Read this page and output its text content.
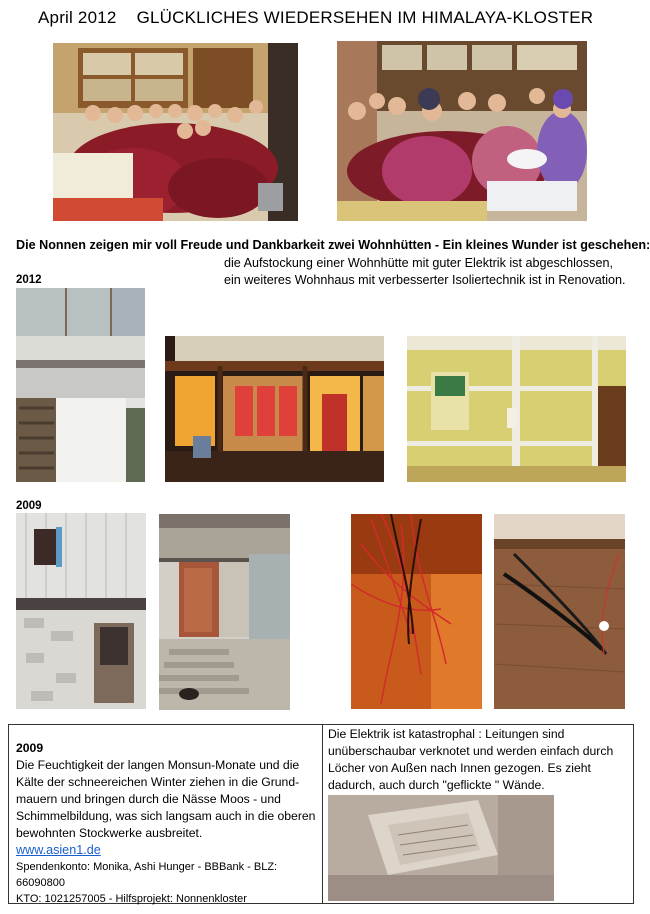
April 2012 GLÜCKLICHES WIEDERSEHEN IM HIMALAYA-KLOSTER
Die Nonnen zeigen mir voll Freude und Dankbarkeit zwei Wohnhütten - Ein kleines Wunder ist geschehen:
die Aufstockung einer Wohnhütte mit guter Elektrik ist abgeschlossen,
ein weiteres Wohnhaus mit verbesserter Isoliertechnik ist in Renovation.
2012
2009
2009
Die Feuchtigkeit der langen Monsun-Monate und die Kälte der schneereichen Winter ziehen in die Grund-mauern und bringen durch die Nässe Moos - und Schimmelbildung, was sich langsam auch in die oberen bewohnten Stockwerke ausbreitet.
www.asien1.de
Spendenkonto: Monika, Ashi Hunger - BBBank - BLZ: 66090800
KTO: 1021257005 - Hilfsprojekt: Nonnenkloster
Die Elektrik ist katastrophal : Leitungen sind unüberschaubar verknotet und werden einfach durch Löcher von Außen nach Innen gezogen. Es zieht dadurch, auch durch "geflickte " Wände.
